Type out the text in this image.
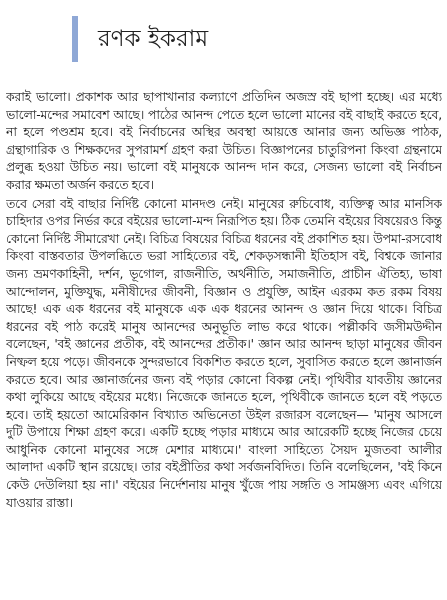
রণক ইকরাম

করাই ভালো। প্রকাশক আর ছাপাখানার কল্যাণে প্রতিদিন অজস্র বই ছাপা হচ্ছে। এর মধ্যে ভালো-মন্দের সমাবেশ আছে। পাঠের আনন্দ পেতে হলে ভালো মানের বই বাছাই করতে হবে, না হলে পণ্ডশ্রম হবে। বই নির্বাচনের অস্থির অবস্থা আয়ত্তে আনার জন্য অভিজ্ঞ পাঠক, গ্রন্থাগারিক ও শিক্ষকদের সুপরামর্শ গ্রহণ করা উচিত। বিজ্ঞাপনের চাতুরিপনা কিংবা গ্রন্থনামে প্রলুব্ধ হওয়া উচিত নয়। ভালো বই মানুষকে আনন্দ দান করে, সেজন্য ভালো বই নির্বাচন করার ক্ষমতা অর্জন করতে হবে।

তবে সেরা বই বাছার নির্দিষ্ট কোনো মানদণ্ড নেই। মানুষের রুচিবোধ, ব্যক্তিত্ব আর মানসিক চাহিদার ওপর নির্ভর করে বইয়ের ভালো-মন্দ নিরূপিত হয়। ঠিক তেমনি বইয়ের বিষয়েরও কিন্তু কোনো নির্দিষ্ট সীমারেখা নেই। বিচিত্র বিষয়ের বিচিত্র ধরনের বই প্রকাশিত হয়। উপমা-রসবোধ কিংবা বাস্তবতার উপলব্ধিতে ভরা সাহিত্যের বই, শেকড়সন্ধানী ইতিহাস বই, বিশ্বকে জানার জন্য ভ্রমণকাহিনী, দর্শন, ভূগোল, রাজনীতি, অর্থনীতি, সমাজনীতি, প্রাচীন ঐতিহ্য, ভাষা আন্দোলন, মুক্তিযুদ্ধ, মনীষীদের জীবনী, বিজ্ঞান ও প্রযুক্তি, আইন এরকম কত রকম বিষয় আছে! এক এক ধরনের বই মানুষকে এক এক ধরনের আনন্দ ও জ্ঞান দিয়ে থাকে। বিচিত্র ধরনের বই পাঠ করেই মানুষ আনন্দের অনুভূতি লাভ করে থাকে। পল্লীকবি জসীমউদ্দীন বলেছেন, 'বই জ্ঞানের প্রতীক, বই আনন্দের প্রতীক।' জ্ঞান আর আনন্দ ছাড়া মানুষের জীবন নিষ্ফল হয়ে পড়ে। জীবনকে সুন্দরভাবে বিকশিত করতে হলে, সুবাসিত করতে হলে জ্ঞানার্জন করতে হবে। আর জ্ঞানার্জনের জন্য বই পড়ার কোনো বিকল্প নেই। পৃথিবীর যাবতীয় জ্ঞানের কথা লুকিয়ে আছে বইয়ের মধ্যে। নিজেকে জানতে হলে, পৃথিবীকে জানতে হলে বই পড়তে হবে। তাই হয়তো আমেরিকান বিখ্যাত অভিনেতা উইল রজারস বলেছেন— 'মানুষ আসলে দুটি উপায়ে শিক্ষা গ্রহণ করে। একটি হচ্ছে পড়ার মাধ্যমে আর আরেকটি হচ্ছে নিজের চেয়ে আধুনিক কোনো মানুষের সঙ্গে মেশার মাধ্যমে।' বাংলা সাহিত্যে সৈয়দ মুজতবা আলীর আলাদা একটি স্থান রয়েছে। তার বইপ্রীতির কথা সর্বজনবিদিত। তিনি বলেছিলেন, 'বই কিনে কেউ দেউলিয়া হয় না।' বইয়ের নির্দেশনায় মানুষ খুঁজে পায় সঙ্গতি ও সামঞ্জস্য এবং এগিয়ে যাওয়ার রাস্তা।
